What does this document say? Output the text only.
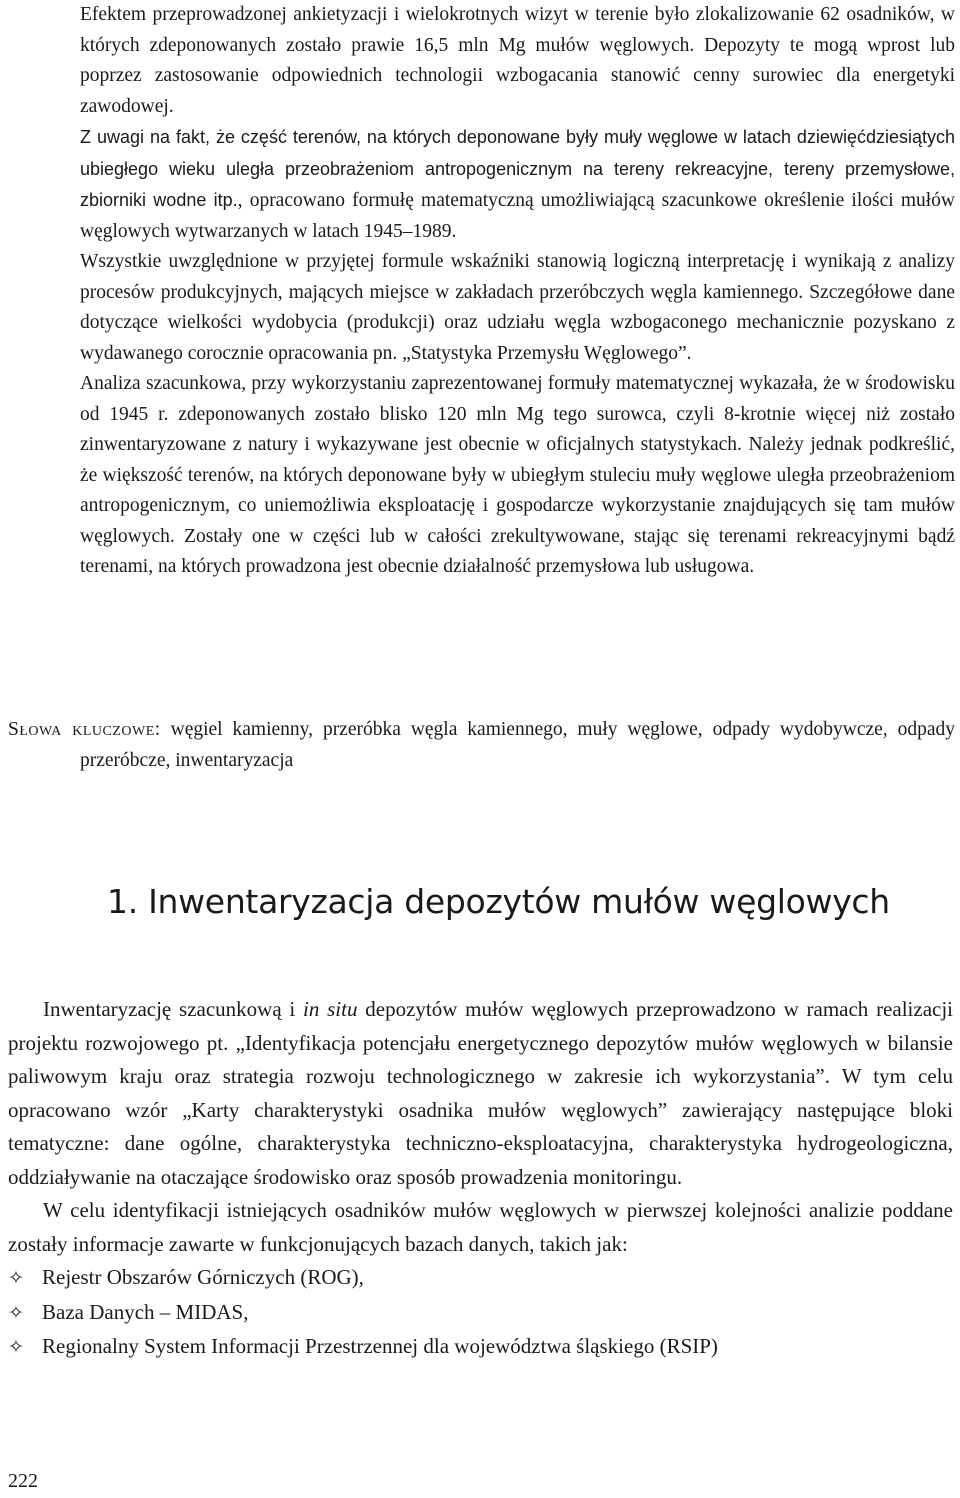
Efektem przeprowadzonej ankietyzacji i wielokrotnych wizyt w terenie było zlokalizowanie 62 osadników, w których zdeponowanych zostało prawie 16,5 mln Mg mułów węglowych. Depozyty te mogą wprost lub poprzez zastosowanie odpowiednich technologii wzbogacania stanowić cenny surowiec dla energetyki zawodowej.

Z uwagi na fakt, że część terenów, na których deponowane były muły węglowe w latach dziewięćdziesiątych ubiegłego wieku uległa przeobrażeniom antropogenicznym na tereny rekreacyjne, tereny przemysłowe, zbiorniki wodne itp., opracowano formułę matematyczną umożliwiającą szacunkowe określenie ilości mułów węglowych wytwarzanych w latach 1945–1989.

Wszystkie uwzględnione w przyjętej formule wskaźniki stanowią logiczną interpretację i wynikają z analizy procesów produkcyjnych, mających miejsce w zakładach przeróbczych węgla kamiennego. Szczegółowe dane dotyczące wielkości wydobycia (produkcji) oraz udziału węgla wzbogaconego mechanicznie pozyskano z wydawanego corocznie opracowania pn. „Statystyka Przemysłu Węglowego”.

Analiza szacunkowa, przy wykorzystaniu zaprezentowanej formuły matematycznej wykazała, że w środowisku od 1945 r. zdeponowanych zostało blisko 120 mln Mg tego surowca, czyli 8-krotnie więcej niż zostało zinwentaryzowane z natury i wykazywane jest obecnie w oficjalnych statystykach. Należy jednak podkreślić, że większość terenów, na których deponowane były w ubiegłym stuleciu muły węglowe uległa przeobrażeniom antropogenicznym, co uniemożliwia eksploatację i gospodarcze wykorzystanie znajdujących się tam mułów węglowych. Zostały one w części lub w całości zrekultywowane, stając się terenami rekreacyjnymi bądź terenami, na których prowadzona jest obecnie działalność przemysłowa lub usługowa.

Słowa kluczowe: węgiel kamienny, przeróbka węgla kamiennego, muły węglowe, odpady wydobywcze, odpady przeróbcze, inwentaryzacja
1. Inwentaryzacja depozytów mułów węglowych

Inwentaryzację szacunkową i in situ depozytów mułów węglowych przeprowadzono w ramach realizacji projektu rozwojowego pt. „Identyfikacja potencjału energetycznego depozytów mułów węglowych w bilansie paliwowym kraju oraz strategia rozwoju technologicznego w zakresie ich wykorzystania”. W tym celu opracowano wzór „Karty charakterystyki osadnika mułów węglowych” zawierający następujące bloki tematyczne: dane ogólne, charakterystyka techniczno-eksploatacyjna, charakterystyka hydrogeologiczna, oddziaływanie na otaczające środowisko oraz sposób prowadzenia monitoringu.

W celu identyfikacji istniejących osadników mułów węglowych w pierwszej kolejności analizie poddane zostały informacje zawarte w funkcjonujących bazach danych, takich jak:

✧ Rejestr Obszarów Górniczych (ROG),
✧ Baza Danych – MIDAS,
✧ Regionalny System Informacji Przestrzennej dla województwa śląskiego (RSIP)
222
